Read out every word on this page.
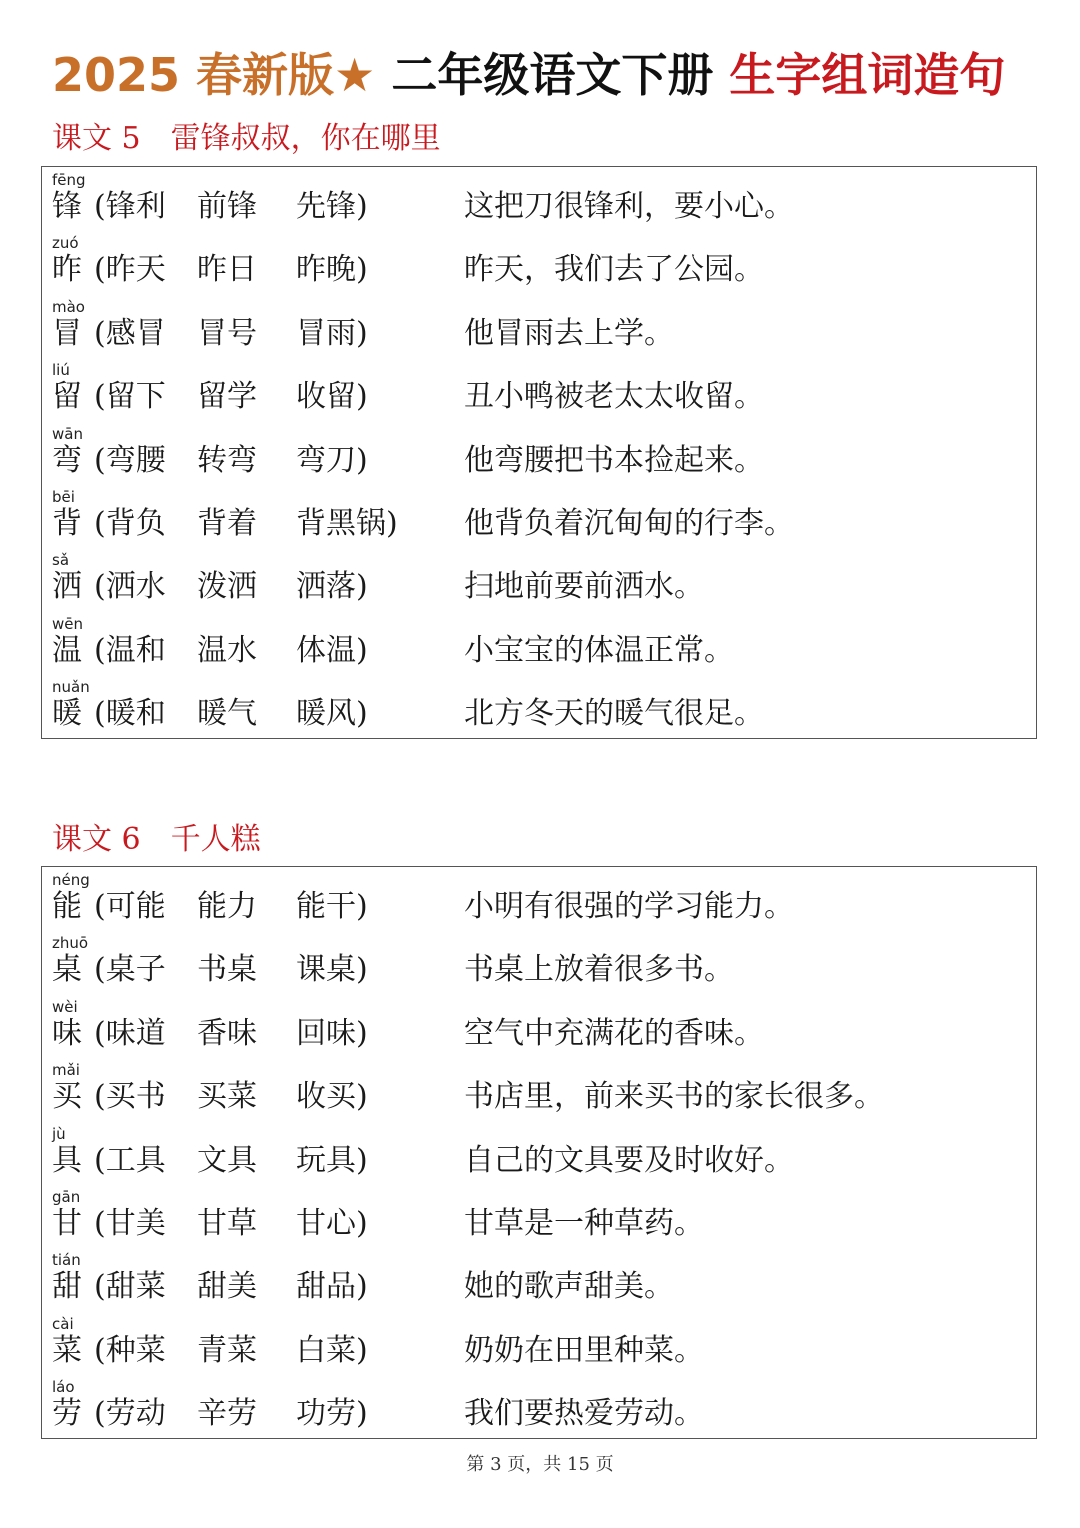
2025 春新版★ 二年级语文下册 生字组词造句
课文 5 雷锋叔叔，你在哪里
fēng
锋 (锋利 前锋 先锋)	这把刀很锋利，要小心。
zuó
昨 (昨天 昨日 昨晚)	昨天，我们去了公园。
mào
冒 (感冒 冒号 冒雨)	他冒雨去上学。
liú
留 (留下 留学 收留)	丑小鸭被老太太收留。
wān
弯 (弯腰 转弯 弯刀)	他弯腰把书本捡起来。
bēi
背 (背负 背着 背黑锅) 他背负着沉甸甸的行李。
sǎ
洒 (洒水 泼洒 洒落)	扫地前要前洒水。
wēn
温 (温和 温水 体温)	小宝宝的体温正常。
nuǎn
暖 (暖和 暖气 暖风)	北方冬天的暖气很足。
课文 6 千人糕
néng
能 (可能 能力 能干)	小明有很强的学习能力。
zhuō
桌 (桌子 书桌 课桌)	书桌上放着很多书。
wèi
味 (味道 香味 回味)	空气中充满花的香味。
mǎi
买 (买书 买菜 收买)	书店里，前来买书的家长很多。
jù
具 (工具 文具 玩具)	自己的文具要及时收好。
gān
甘 (甘美 甘草 甘心)	甘草是一种草药。
tián
甜 (甜菜 甜美 甜品)	她的歌声甜美。
cài
菜 (种菜 青菜 白菜)	奶奶在田里种菜。
láo
劳 (劳动 辛劳 功劳)	我们要热爱劳动。
第 3 页，共 15 页
